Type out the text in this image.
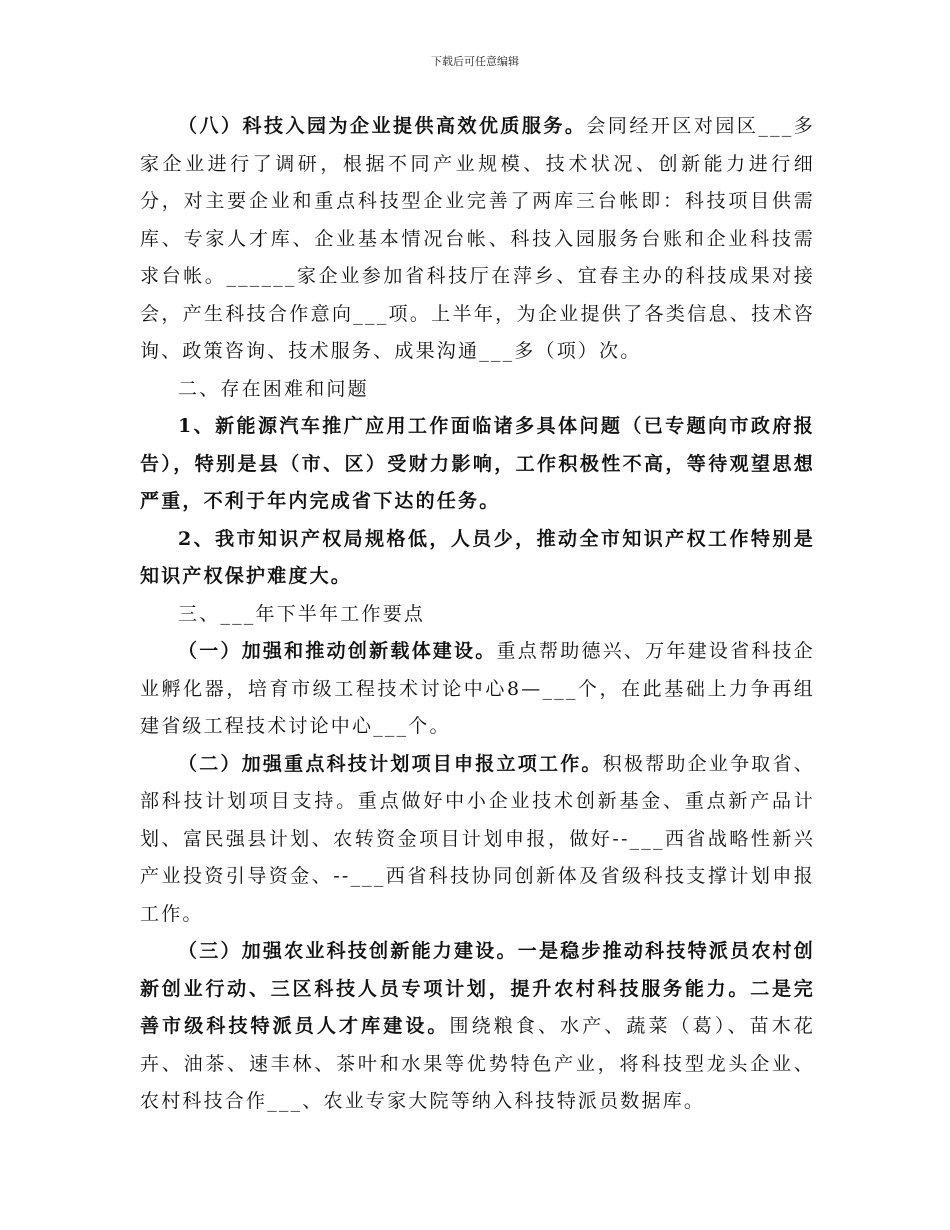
下载后可任意编辑

（八）科技入园为企业提供高效优质服务。会同经开区对园区___多家企业进行了调研，根据不同产业规模、技术状况、创新能力进行细分，对主要企业和重点科技型企业完善了两库三台帐即：科技项目供需库、专家人才库、企业基本情况台帐、科技入园服务台账和企业科技需求台帐。______家企业参加省科技厅在萍乡、宜春主办的科技成果对接会，产生科技合作意向___项。上半年，为企业提供了各类信息、技术咨询、政策咨询、技术服务、成果沟通___多（项）次。

二、存在困难和问题

1、新能源汽车推广应用工作面临诸多具体问题（已专题向市政府报告），特别是县（市、区）受财力影响，工作积极性不高，等待观望思想严重，不利于年内完成省下达的任务。

2、我市知识产权局规格低，人员少，推动全市知识产权工作特别是知识产权保护难度大。

三、___年下半年工作要点

（一）加强和推动创新载体建设。重点帮助德兴、万年建设省科技企业孵化器，培育市级工程技术讨论中心8—___个，在此基础上力争再组建省级工程技术讨论中心___个。

（二）加强重点科技计划项目申报立项工作。积极帮助企业争取省、部科技计划项目支持。重点做好中小企业技术创新基金、重点新产品计划、富民强县计划、农转资金项目计划申报，做好--___西省战略性新兴产业投资引导资金、--___西省科技协同创新体及省级科技支撑计划申报工作。

（三）加强农业科技创新能力建设。一是稳步推动科技特派员农村创新创业行动、三区科技人员专项计划，提升农村科技服务能力。二是完善市级科技特派员人才库建设。围绕粮食、水产、蔬菜（葛）、苗木花卉、油茶、速丰林、茶叶和水果等优势特色产业，将科技型龙头企业、农村科技合作___、农业专家大院等纳入科技特派员数据库。
